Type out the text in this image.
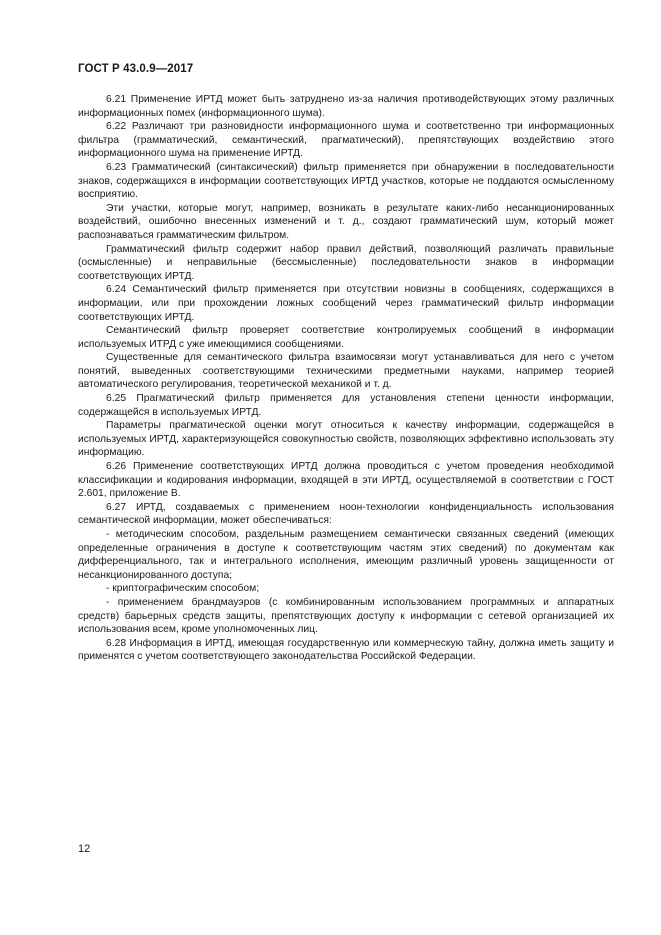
ГОСТ Р 43.0.9—2017

6.21 Применение ИРТД может быть затруднено из-за наличия противодействующих этому различных информационных помех (информационного шума).

6.22 Различают три разновидности информационного шума и соответственно три информационных фильтра (грамматический, семантический, прагматический), препятствующих воздействию этого информационного шума на применение ИРТД.

6.23 Грамматический (синтаксический) фильтр применяется при обнаружении в последовательности знаков, содержащихся в информации соответствующих ИРТД участков, которые не поддаются осмысленному восприятию.

Эти участки, которые могут, например, возникать в результате каких-либо несанкционированных воздействий, ошибочно внесенных изменений и т. д., создают грамматический шум, который может распознаваться грамматическим фильтром.

Грамматический фильтр содержит набор правил действий, позволяющий различать правильные (осмысленные) и неправильные (бессмысленные) последовательности знаков в информации соответствующих ИРТД.

6.24 Семантический фильтр применяется при отсутствии новизны в сообщениях, содержащихся в информации, или при прохождении ложных сообщений через грамматический фильтр информации соответствующих ИРТД.

Семантический фильтр проверяет соответствие контролируемых сообщений в информации используемых ИТРД с уже имеющимися сообщениями.

Существенные для семантического фильтра взаимосвязи могут устанавливаться для него с учетом понятий, выведенных соответствующими техническими предметными науками, например теорией автоматического регулирования, теоретической механикой и т. д.

6.25 Прагматический фильтр применяется для установления степени ценности информации, содержащейся в используемых ИРТД.

Параметры прагматической оценки могут относиться к качеству информации, содержащейся в используемых ИРТД, характеризующейся совокупностью свойств, позволяющих эффективно использовать эту информацию.

6.26 Применение соответствующих ИРТД должна проводиться с учетом проведения необходимой классификации и кодирования информации, входящей в эти ИРТД, осуществляемой в соответствии с ГОСТ 2.601, приложение В.

6.27 ИРТД, создаваемых с применением ноон-технологии конфиденциальность использования семантической информации, может обеспечиваться:

- методическим способом, раздельным размещением семантически связанных сведений (имеющих определенные ограничения в доступе к соответствующим частям этих сведений) по документам как дифференциального, так и интегрального исполнения, имеющим различный уровень защищенности от несанкционированного доступа;

- криптографическим способом;

- применением брандмауэров (с комбинированным использованием программных и аппаратных средств) барьерных средств защиты, препятствующих доступу к информации с сетевой организацией их использования всем, кроме уполномоченных лиц.

6.28 Информация в ИРТД, имеющая государственную или коммерческую тайну, должна иметь защиту и применятся с учетом соответствующего законодательства Российской Федерации.

12
